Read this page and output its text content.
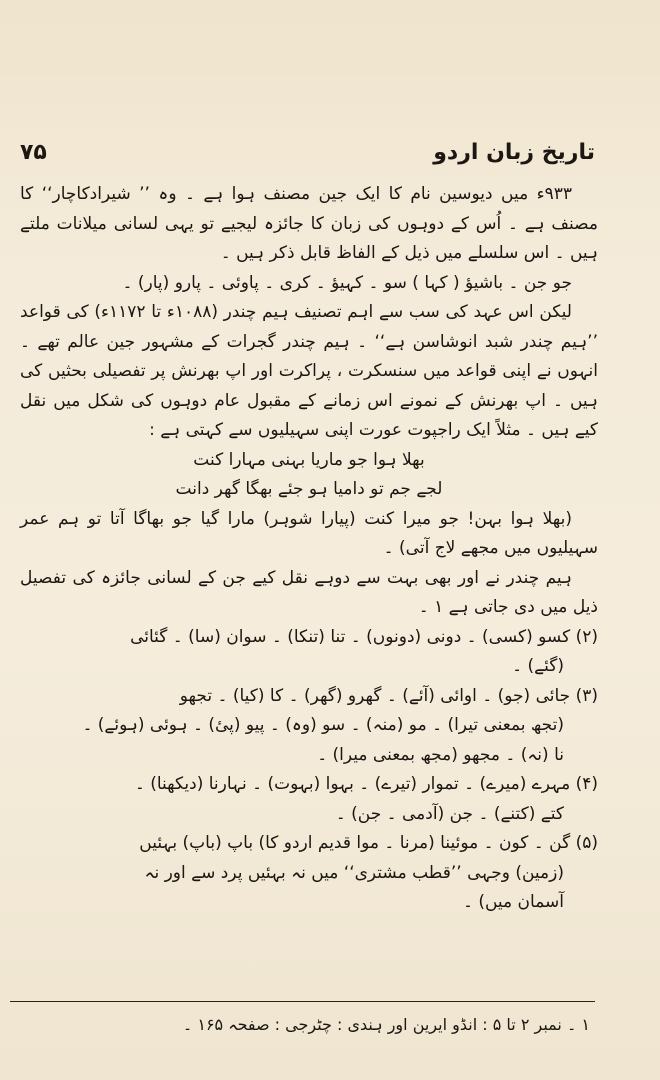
تاریخ زبان اردو
۷۵

۹۳۳ء میں دیوسین نام کا ایک جین مصنف ہوا ہے ۔ وہ ’’ شیرادکاچار‘‘ کا مصنف ہے ۔ اُس کے دوہوں کی زبان کا جائزہ لیجیے تو یہی لسانی میلانات ملتے ہیں ۔ اس سلسلے میں ذیل کے الفاظ قابل ذکر ہیں ۔

جو جن ۔ باشیؤ ( کہا ) سو ۔ کہیؤ ۔ کری ۔ پاوئی ۔ پارو (پار) ۔

لیکن اس عہد کی سب سے اہم تصنیف ہیم چندر (۱۰۸۸ء تا ۱۱۷۲ء) کی قواعد ’’ہیم چندر شبد انوشاسن ہے‘‘ ۔ ہیم چندر گجرات کے مشہور جین عالم تھے ۔ انہوں نے اپنی قواعد میں سنسکرت ، پراکرت اور اپ بھرنش پر تفصیلی بحثیں کی ہیں ۔ اپ بھرنش کے نمونے اس زمانے کے مقبول عام دوہوں کی شکل میں نقل کیے ہیں ۔ مثلاً ایک راجپوت عورت اپنی سہیلیوں سے کہتی ہے :

بھلا ہوا جو ماریا بہنی مہارا کنت

لجے جم تو دامیا ہو جئے بھگا گھر دانت

(بھلا ہوا بہن! جو میرا کنت (پیارا شوہر) مارا گیا جو بھاگا آتا تو ہم عمر سہیلیوں میں مجھے لاج آتی) ۔

ہیم چندر نے اور بھی بہت سے دوہے نقل کیے جن کے لسانی جائزہ کی تفصیل ذیل میں دی جاتی ہے ۱ ۔

(۲) کسو (کسی) ۔ دونی (دونوں) ۔ تنا (تنکا) ۔ سوان (سا) ۔ گئائی

(گئے) ۔

(۳) جائی (جو) ۔ اوائی (آئے) ۔ گھرو (گھر) ۔ کا (کیا) ۔ تجھو

(تجھ بمعنی تیرا) ۔ مو (منہ) ۔ سو (وہ) ۔ پیو (پیٔ) ۔ ہوئی (ہوئے) ۔

نا (نہ) ۔ مجھو (مجھ بمعنی میرا) ۔

(۴) مہرے (میرے) ۔ تموار (تیرے) ۔ بہوا (بہوت) ۔ نہارنا (دیکھنا) ۔

کتے (کتنے) ۔ جن (آدمی ۔ جن) ۔

(۵) گن ۔ کون ۔ موئینا (مرنا ۔ موا قدیم اردو کا) باپ (باپ) بہئیں

(زمین) وجہی ’’قطب مشتری‘‘ میں نہ بہئیں پرد سے اور نہ

آسمان میں) ۔

۱ ۔ نمبر ۲ تا ۵ : انڈو ایرین اور ہندی : چٹرجی : صفحہ ۱۶۵ ۔
